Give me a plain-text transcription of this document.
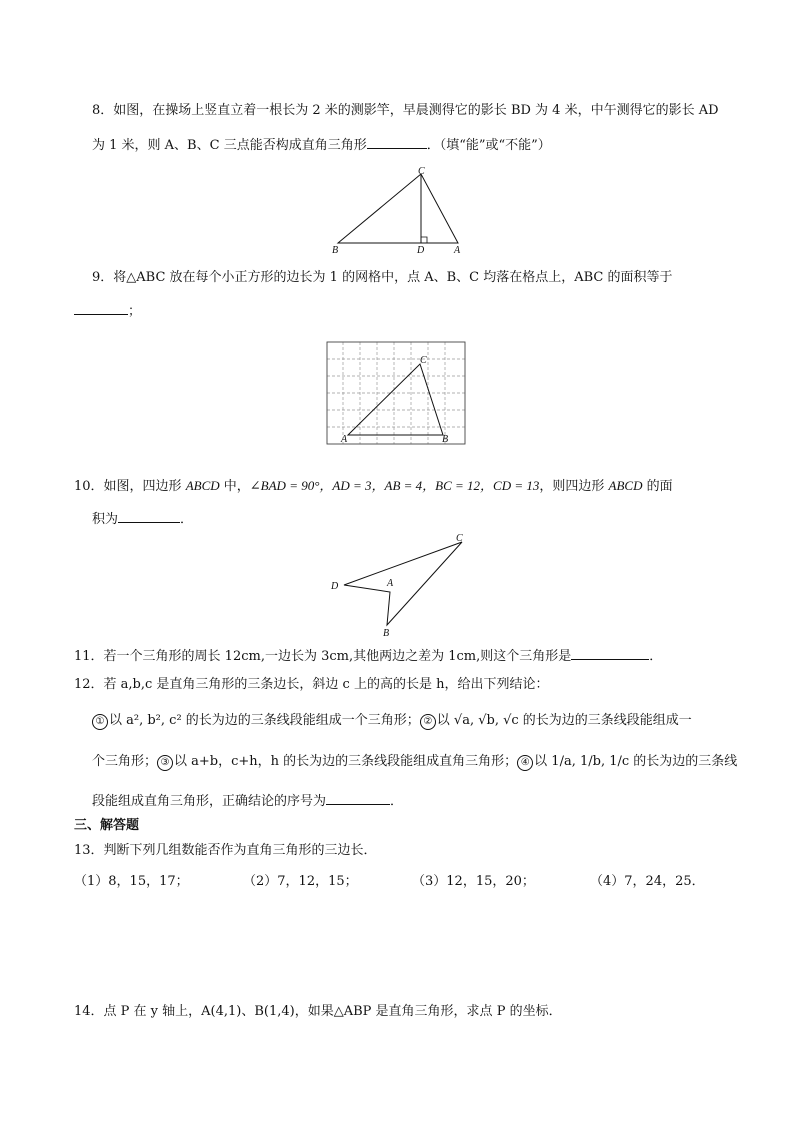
8．如图，在操场上竖直立着一根长为 2 米的测影竿，早晨测得它的影长 BD 为 4 米，中午测得它的影长 AD
为 1 米，则 A、B、C 三点能否构成直角三角形	．（填“能”或“不能”）
C
B	D	A
9．将△ABC 放在每个小正方形的边长为 1 的网格中，点 A、B、C 均落在格点上，ABC 的面积等于
；
C
A	B
10．如图，四边形 ABCD 中，∠BAD = 90°，AD = 3，AB = 4，BC = 12，CD = 13，则四边形 ABCD 的面
积为	．
C
D	A
B
11．若一个三角形的周长 12cm,一边长为 3cm,其他两边之差为 1cm,则这个三角形是	．
12．若 a,b,c 是直角三角形的三条边长，斜边 c 上的高的长是 h，给出下列结论：
① 以 a², b², c² 的长为边的三条线段能组成一个三角形； ② 以 √a, √b, √c 的长为边的三条线段能组成一
个三角形； ③ 以 a+b，c+h，h 的长为边的三条线段能组成直角三角形； ④ 以 1/a, 1/b, 1/c 的长为边的三条线
段能组成直角三角形，正确结论的序号为	．
三、解答题
13．判断下列几组数能否作为直角三角形的三边长．
（1）8，15，17；	（2）7，12，15；	（3）12，15，20；	（4）7，24，25．
14．点 P 在 y 轴上，A(4,1)、B(1,4)，如果△ABP 是直角三角形，求点 P 的坐标．
